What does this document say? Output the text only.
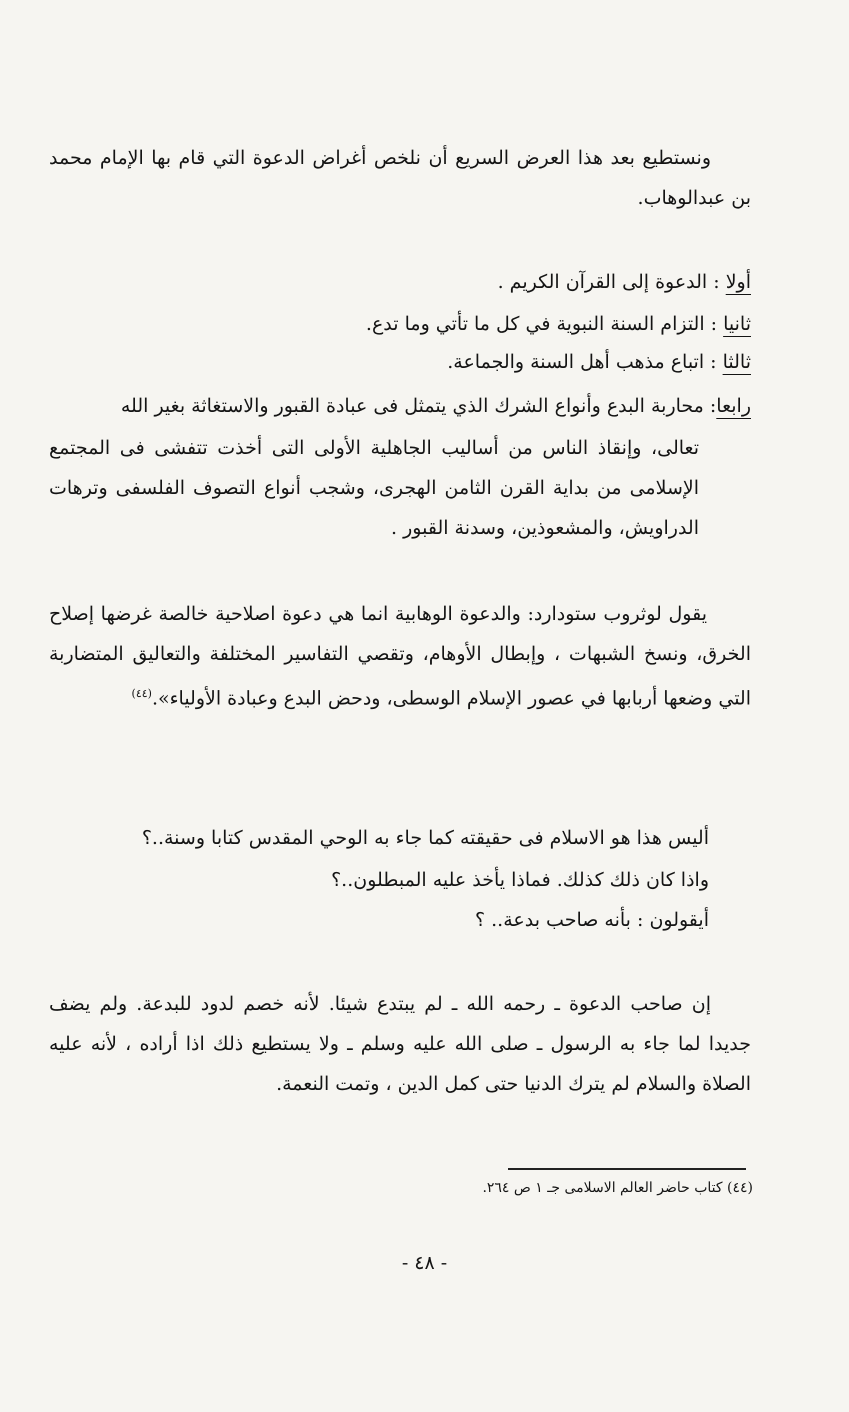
ونستطيع بعد هذا العرض السريع أن نلخص أغراض الدعوة التي قام بها الإمام محمد بن عبدالوهاب.

أولا : الدعوة إلى القرآن الكريم .
ثانيا : التزام السنة النبوية في كل ما تأتي وما تدع.
ثالثا : اتباع مذهب أهل السنة والجماعة.
رابعا: محاربة البدع وأنواع الشرك الذي يتمثل فى عبادة القبور والاستغاثة بغير الله

تعالى، وإنقاذ الناس من أساليب الجاهلية الأولى التى أخذت تتفشى فى المجتمع الإسلامى من بداية القرن الثامن الهجرى، وشجب أنواع التصوف الفلسفى وترهات الدراويش، والمشعوذين، وسدنة القبور .

يقول لوثروب ستودارد: والدعوة الوهابية انما هي دعوة اصلاحية خالصة غرضها إصلاح الخرق، ونسخ الشبهات ، وإبطال الأوهام، وتقصي التفاسير المختلفة والتعاليق المتضاربة التي وضعها أربابها في عصور الإسلام الوسطى، ودحض البدع وعبادة الأولياء».$^{(٤٤)}$

أليس هذا هو الاسلام فى حقيقته كما جاء به الوحي المقدس كتابا وسنة..؟
واذا كان ذلك كذلك. فماذا يأخذ عليه المبطلون..؟
أيقولون : بأنه صاحب بدعة.. ؟

إن صاحب الدعوة ـ رحمه الله ـ لم يبتدع شيئا. لأنه خصم لدود للبدعة. ولم يضف جديدا لما جاء به الرسول ـ صلى الله عليه وسلم ـ ولا يستطيع ذلك اذا أراده ، لأنه عليه الصلاة والسلام لم يترك الدنيا حتى كمل الدين ، وتمت النعمة.

(٤٤) كتاب حاضر العالم الاسلامى جـ ١ ص ٢٦٤.
- ٤٨ -
